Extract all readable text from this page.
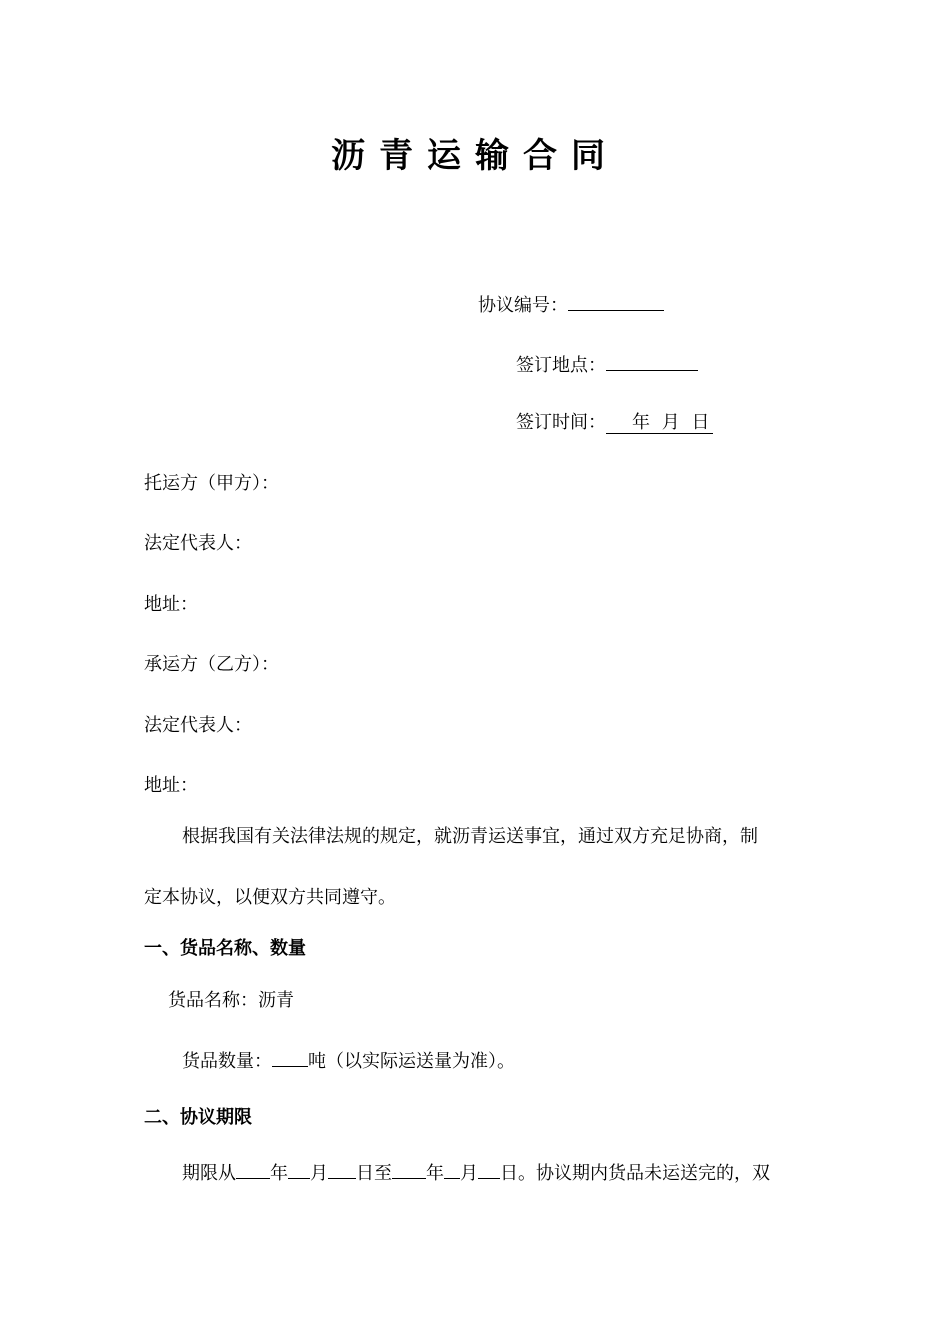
沥青运输合同
协议编号：
签订地点：
签订时间： 年 月 日
托运方（甲方）：
法定代表人：
地址：
承运方（乙方）：
法定代表人：
地址：
根据我国有关法律法规的规定，就沥青运送事宜，通过双方充足协商，制
定本协议，以便双方共同遵守。
一、货品名称、数量
货品名称：沥青
货品数量： 吨（以实际运送量为准）。
二、协议期限
期限从 年 月 日至 年 月 日。协议期内货品未运送完的，双
